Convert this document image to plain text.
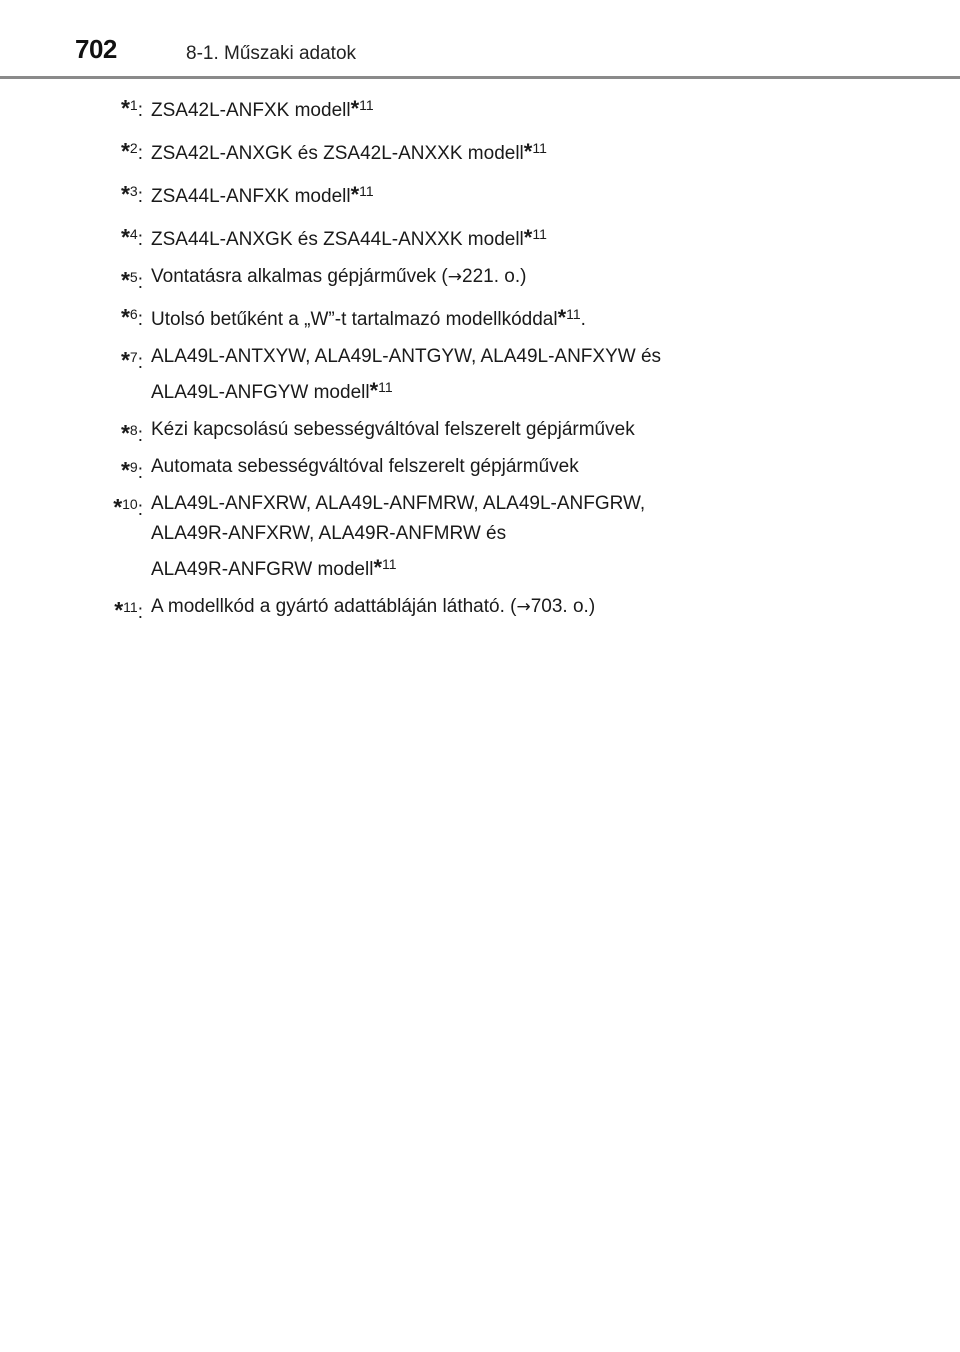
702	8-1. Műszaki adatok
*$^1$: ZSA42L-ANFXK modell*$^{11}$
*$^2$: ZSA42L-ANXGK és ZSA42L-ANXXK modell*$^{11}$
*$^3$: ZSA44L-ANFXK modell*$^{11}$
*$^4$: ZSA44L-ANXGK és ZSA44L-ANXXK modell*$^{11}$
*$^5$: Vontatásra alkalmas gépjárművek (→221. o.)
*$^6$: Utolsó betűként a „W”-t tartalmazó modellkóddal*$^{11}$.
*$^7$: ALA49L-ANTXYW, ALA49L-ANTGYW, ALA49L-ANFXYW és
ALA49L-ANFGYW modell*$^{11}$
*$^8$: Kézi kapcsolású sebességváltóval felszerelt gépjárművek
*$^9$: Automata sebességváltóval felszerelt gépjárművek
*$^{10}$: ALA49L-ANFXRW, ALA49L-ANFMRW, ALA49L-ANFGRW,
ALA49R-ANFXRW, ALA49R-ANFMRW és
ALA49R-ANFGRW modell*$^{11}$
*$^{11}$: A modellkód a gyártó adattábláján látható. (→703. o.)
